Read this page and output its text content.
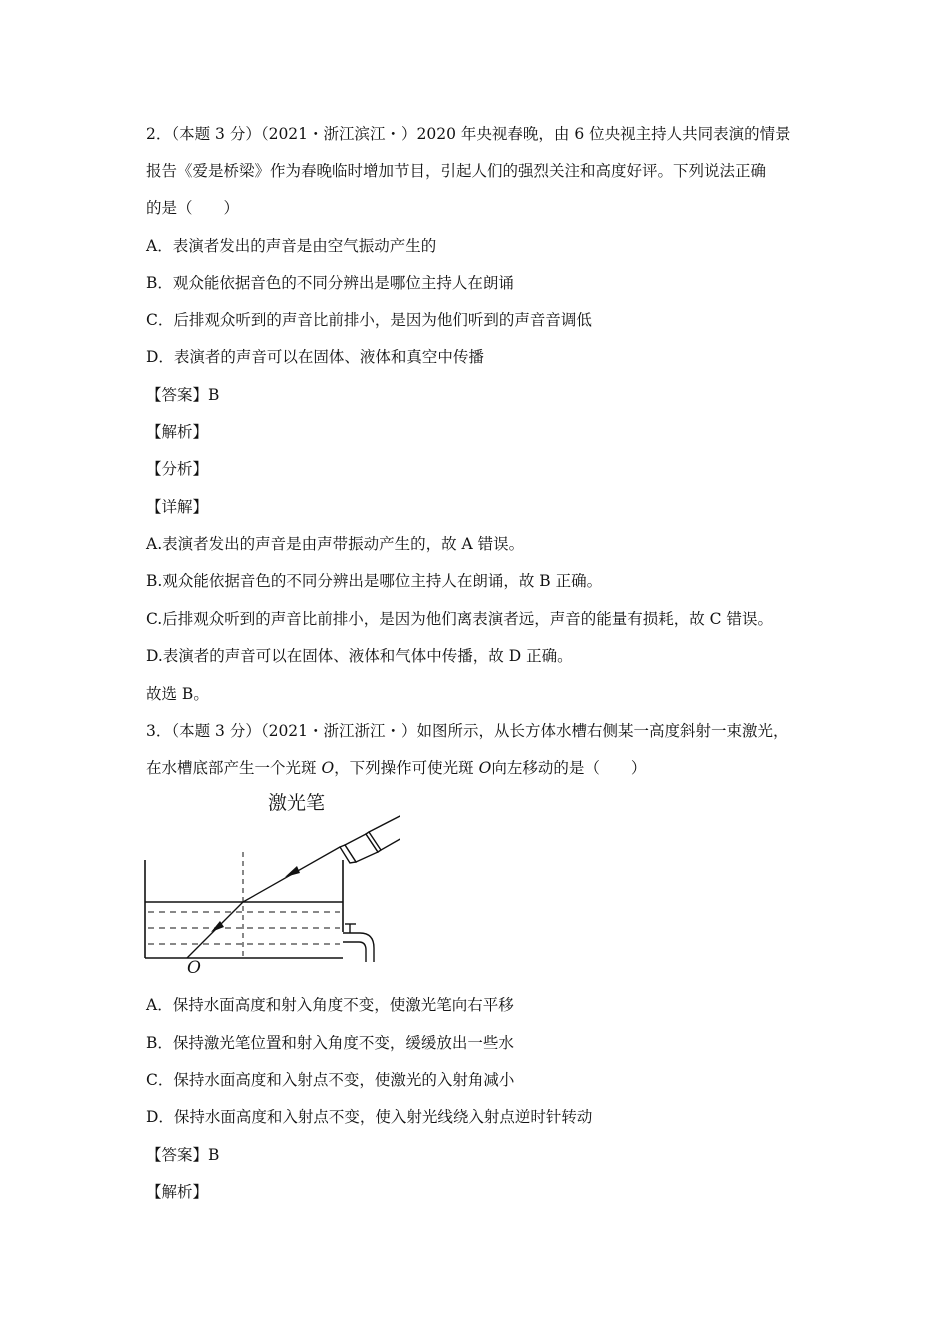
2．（本题 3 分）（2021・浙江滨江・）2020 年央视春晚，由 6 位央视主持人共同表演的情景
报告《爱是桥梁》作为春晚临时增加节目，引起人们的强烈关注和高度好评。下列说法正确
的是（　　）
A．表演者发出的声音是由空气振动产生的
B．观众能依据音色的不同分辨出是哪位主持人在朗诵
C．后排观众听到的声音比前排小，是因为他们听到的声音音调低
D．表演者的声音可以在固体、液体和真空中传播
【答案】B
【解析】
【分析】
【详解】
A.表演者发出的声音是由声带振动产生的，故 A 错误。
B.观众能依据音色的不同分辨出是哪位主持人在朗诵，故 B 正确。
C.后排观众听到的声音比前排小，是因为他们离表演者远，声音的能量有损耗，故 C 错误。
D.表演者的声音可以在固体、液体和气体中传播，故 D 正确。
故选 B。
3．（本题 3 分）（2021・浙江浙江・）如图所示，从长方体水槽右侧某一高度斜射一束激光，
在水槽底部产生一个光斑 O，下列操作可使光斑 O向左移动的是（　　）
激光笔
O
A．保持水面高度和射入角度不变，使激光笔向右平移
B．保持激光笔位置和射入角度不变，缓缓放出一些水
C．保持水面高度和入射点不变，使激光的入射角减小
D．保持水面高度和入射点不变，使入射光线绕入射点逆时针转动
【答案】B
【解析】
